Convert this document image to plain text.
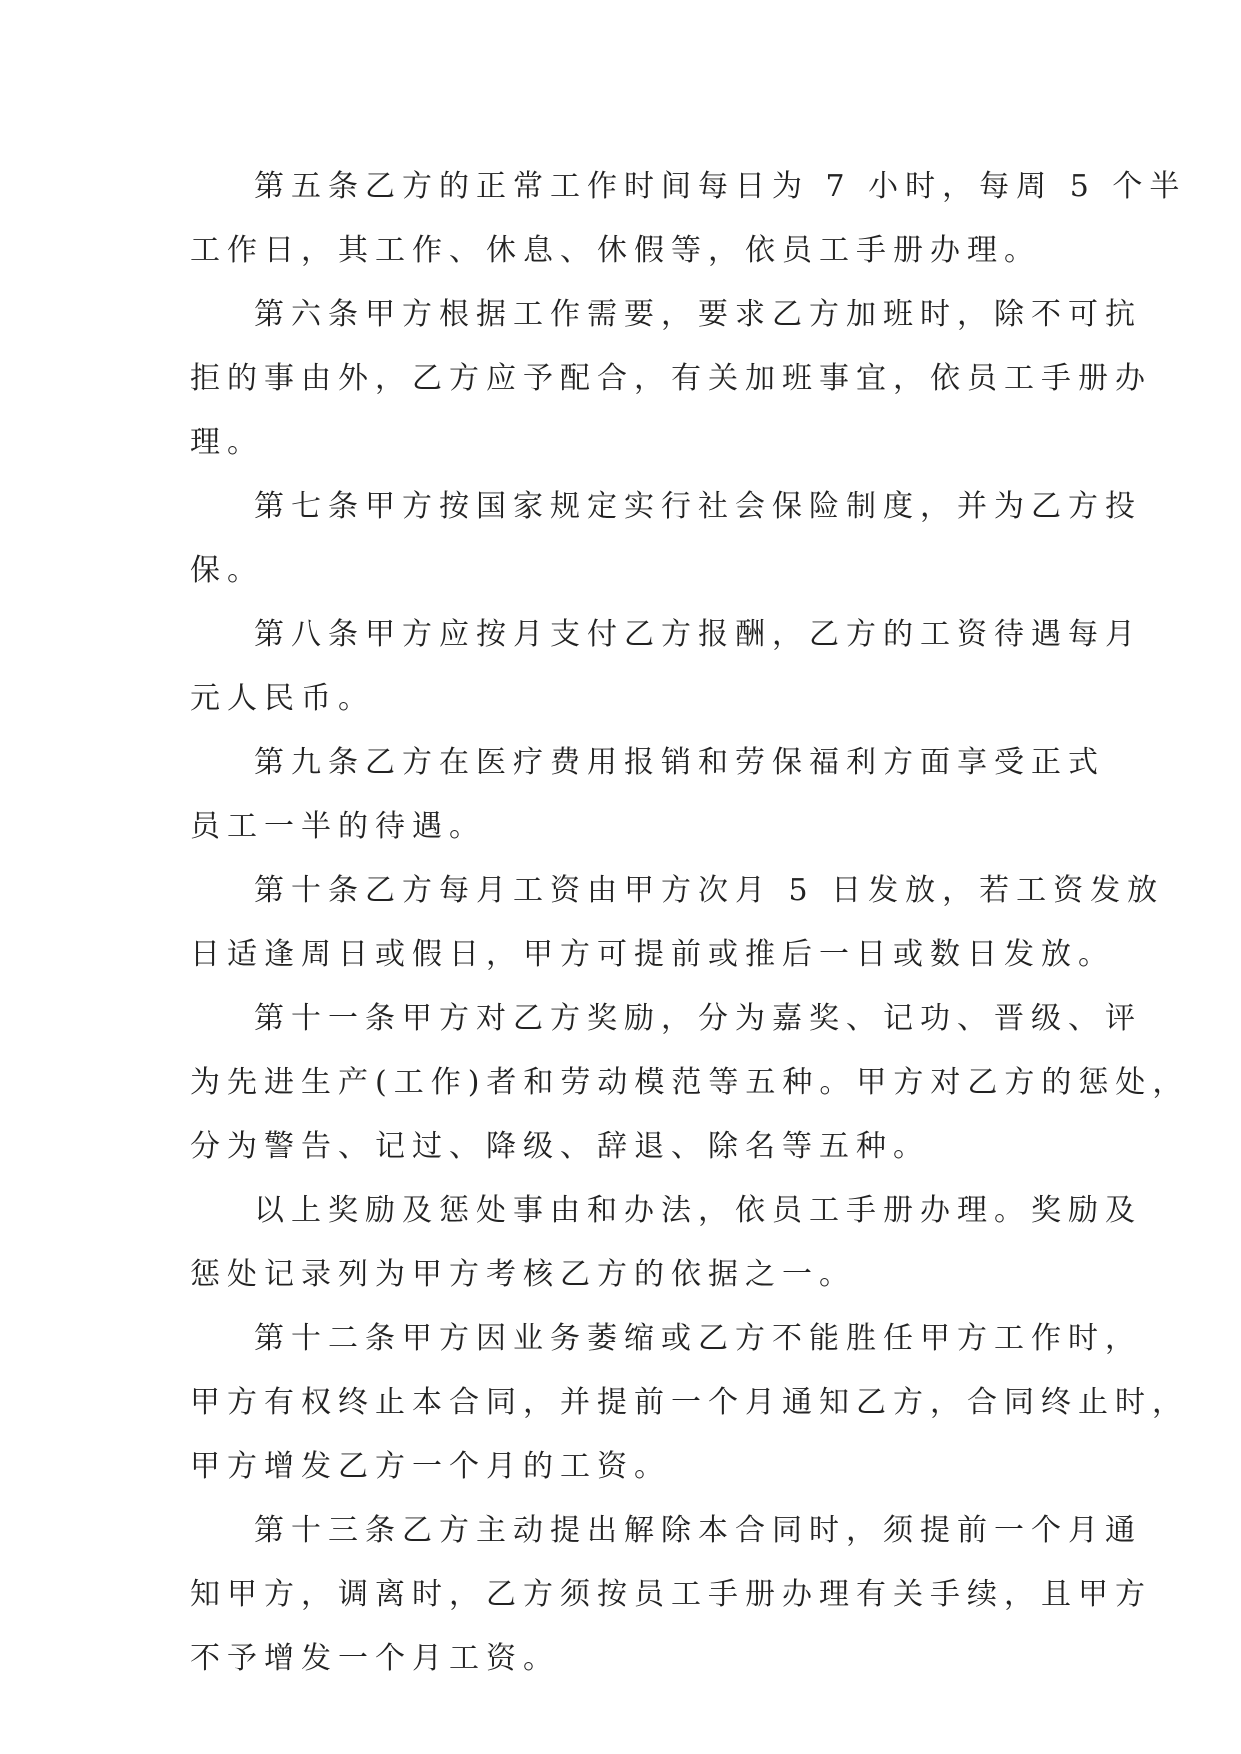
第五条乙方的正常工作时间每日为 7 小时，每周 5 个半
工作日，其工作、休息、休假等，依员工手册办理。
第六条甲方根据工作需要，要求乙方加班时，除不可抗
拒的事由外，乙方应予配合，有关加班事宜，依员工手册办
理。
第七条甲方按国家规定实行社会保险制度，并为乙方投
保。
第八条甲方应按月支付乙方报酬，乙方的工资待遇每月
元人民币。
第九条乙方在医疗费用报销和劳保福利方面享受正式
员工一半的待遇。
第十条乙方每月工资由甲方次月 5 日发放，若工资发放
日适逢周日或假日，甲方可提前或推后一日或数日发放。
第十一条甲方对乙方奖励，分为嘉奖、记功、晋级、评
为先进生产(工作)者和劳动模范等五种。甲方对乙方的惩处，
分为警告、记过、降级、辞退、除名等五种。
以上奖励及惩处事由和办法，依员工手册办理。奖励及
惩处记录列为甲方考核乙方的依据之一。
第十二条甲方因业务萎缩或乙方不能胜任甲方工作时，
甲方有权终止本合同，并提前一个月通知乙方，合同终止时，
甲方增发乙方一个月的工资。
第十三条乙方主动提出解除本合同时，须提前一个月通
知甲方，调离时，乙方须按员工手册办理有关手续，且甲方
不予增发一个月工资。
